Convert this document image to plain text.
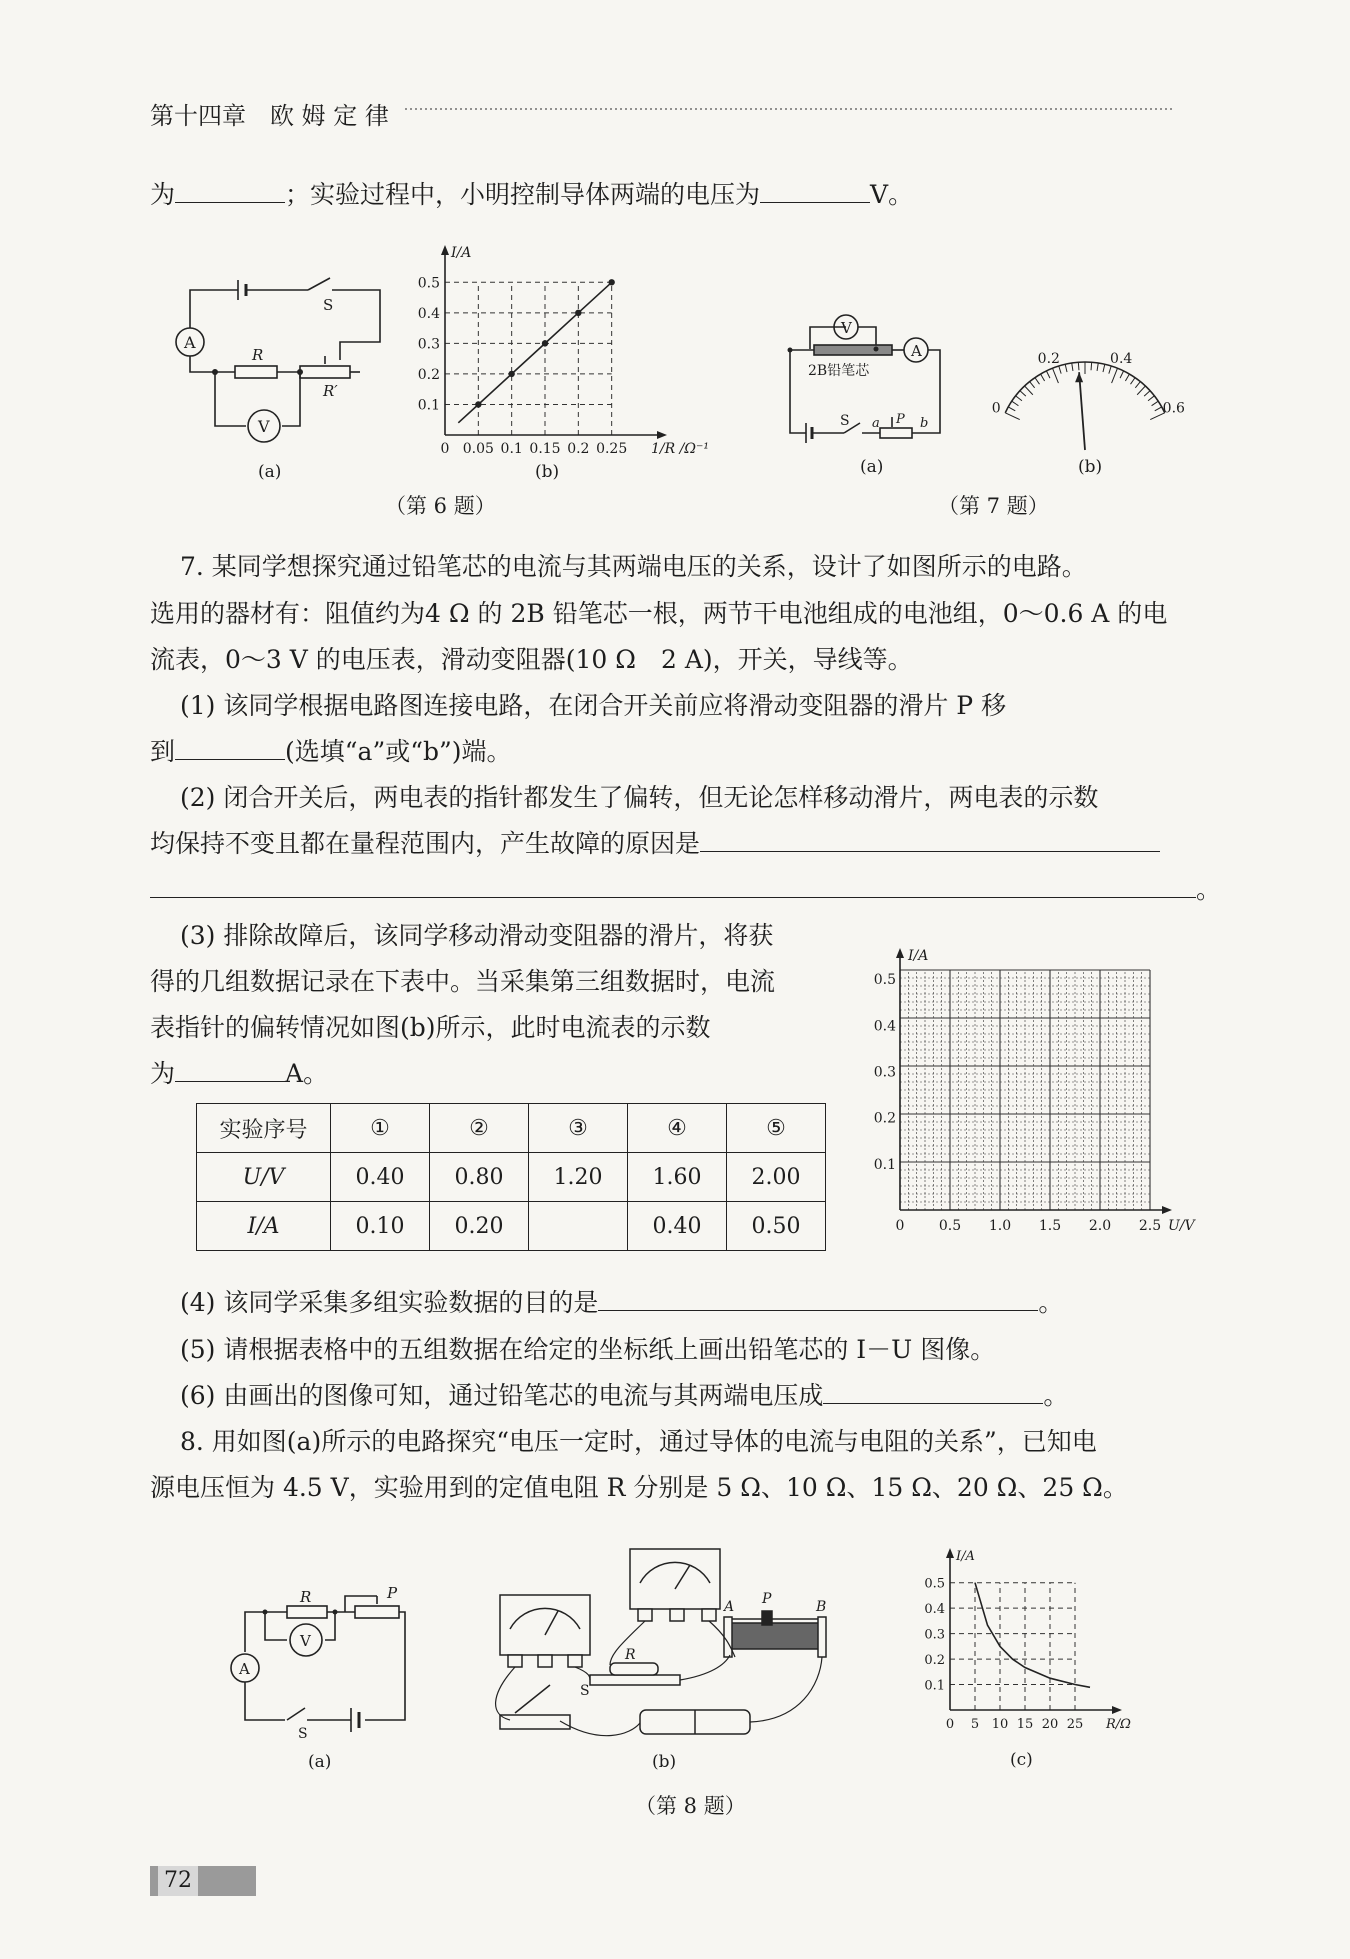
第十四章　欧 姆 定 律
为	；实验过程中，小明控制导体两端的电压为	V。
A
V
S
R
R′
(a)
0 0.05 0.1 0.15 0.2 0.25
0.1
0.2
0.3
0.4
0.5
I/A
1/R /Ω⁻¹
(b)
（第 6 题）
V
A
2B铅笔芯
S a P b
(a)
0
0.2	0.4
0.6
(b)
（第 7 题）
7. 某同学想探究通过铅笔芯的电流与其两端电压的关系，设计了如图所示的电路。
选用的器材有：阻值约为4 Ω 的 2B 铅笔芯一根，两节干电池组成的电池组，0～0.6 A 的电
流表，0～3 V 的电压表，滑动变阻器(10 Ω　2 A)，开关，导线等。
(1) 该同学根据电路图连接电路，在闭合开关前应将滑动变阻器的滑片 P 移
到	(选填“a”或“b”)端。
(2) 闭合开关后，两电表的指针都发生了偏转，但无论怎样移动滑片，两电表的示数
均保持不变且都在量程范围内，产生故障的原因是
。
(3) 排除故障后，该同学移动滑动变阻器的滑片，将获
得的几组数据记录在下表中。当采集第三组数据时，电流
表指针的偏转情况如图(b)所示，此时电流表的示数
为	A。
实验序号	①	②	③	④	⑤
U/V	0.40	0.80	1.20	1.60	2.00
I/A	0.10	0.20		0.40	0.50	0 0.5 1.0 1.5 2.0 2.5
0.1
0.2
0.3
0.4
0.5
I/A
U/V
(4) 该同学采集多组实验数据的目的是	。
(5) 请根据表格中的五组数据在给定的坐标纸上画出铅笔芯的 I－U 图像。
(6) 由画出的图像可知，通过铅笔芯的电流与其两端电压成	。
8. 用如图(a)所示的电路探究“电压一定时，通过导体的电流与电阻的关系”，已知电
源电压恒为 4.5 V，实验用到的定值电阻 R 分别是 5 Ω、10 Ω、15 Ω、20 Ω、25 Ω。
R	P
V
A
S
(a)
S
R
A P	B
(b)
0 5 10 15 20 25
0.1
0.2
0.3
0.4
0.5
I/A
R/Ω
(c)
（第 8 题）
72
